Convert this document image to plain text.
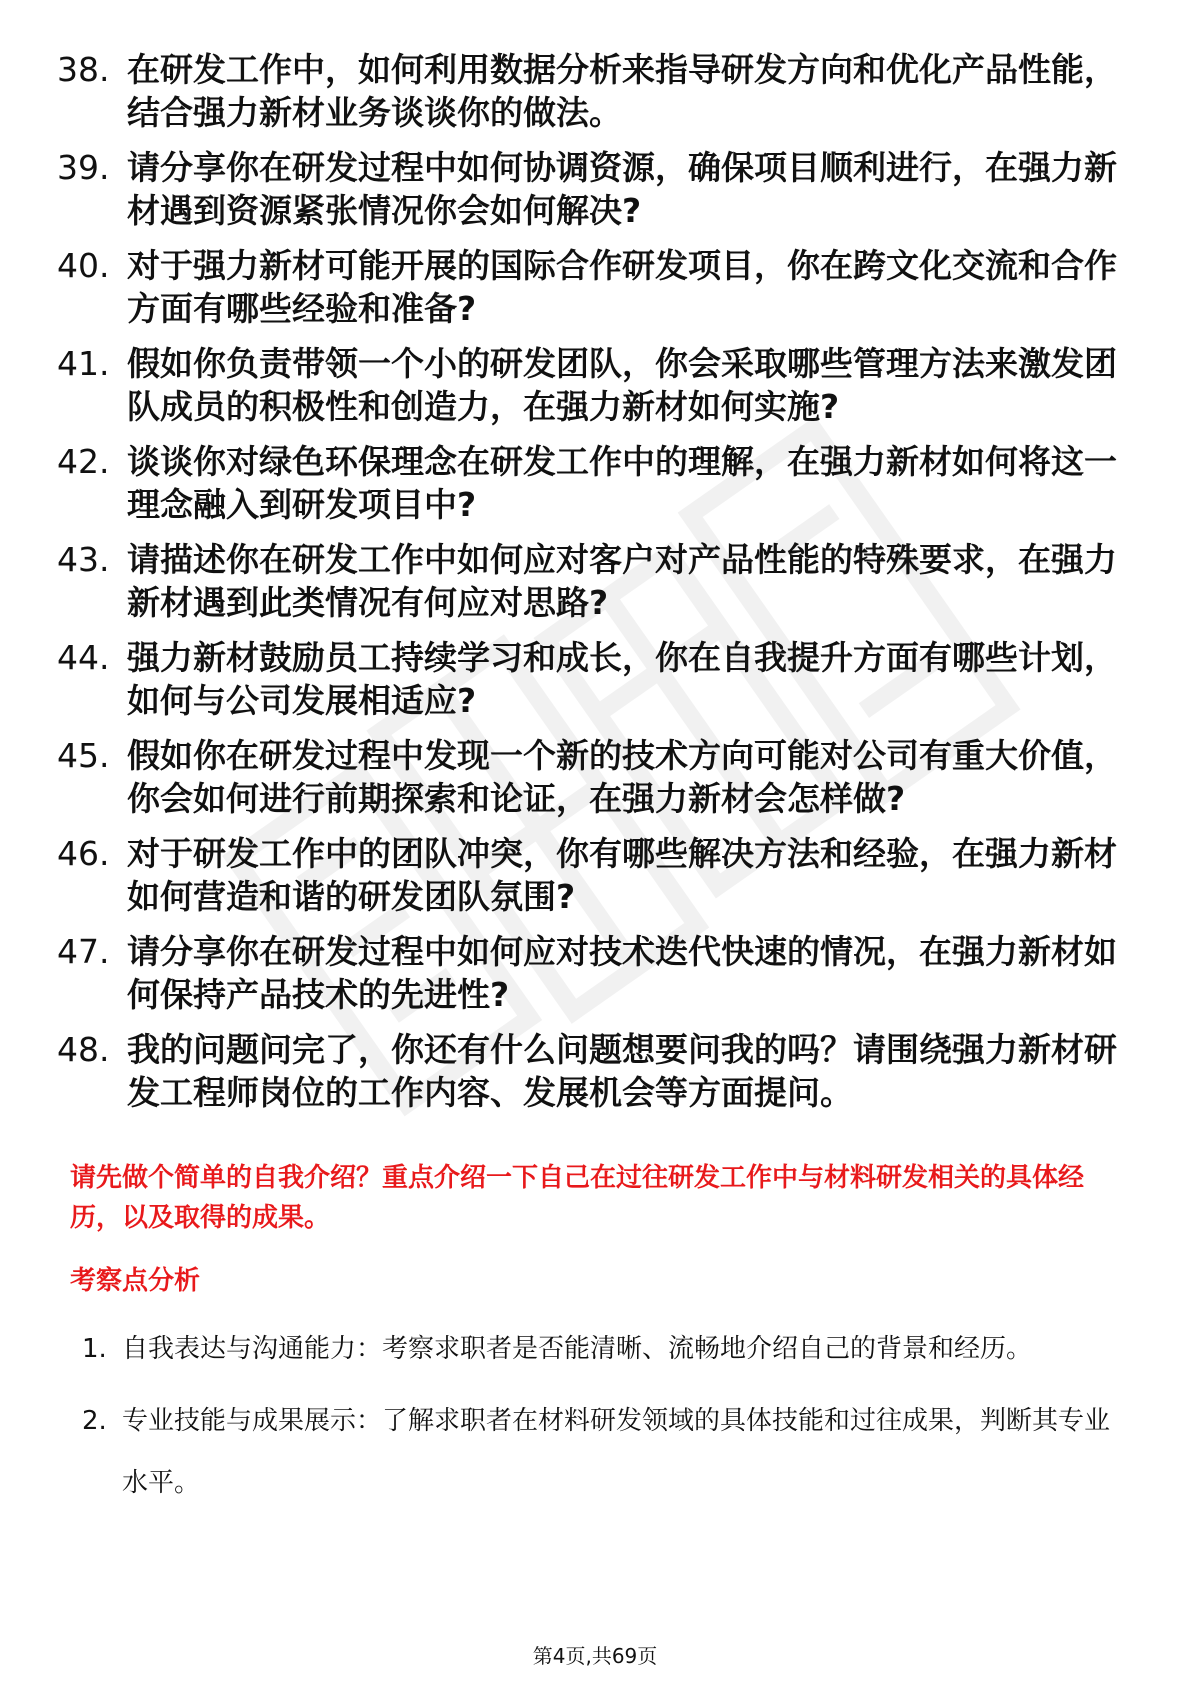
38. 在研发工作中，如何利用数据分析来指导研发方向和优化产品性能，结合强力新材业务谈谈你的做法。
39. 请分享你在研发过程中如何协调资源，确保项目顺利进行，在强力新材遇到资源紧张情况你会如何解决?
40. 对于强力新材可能开展的国际合作研发项目，你在跨文化交流和合作方面有哪些经验和准备?
41. 假如你负责带领一个小的研发团队，你会采取哪些管理方法来激发团队成员的积极性和创造力，在强力新材如何实施?
42. 谈谈你对绿色环保理念在研发工作中的理解，在强力新材如何将这一理念融入到研发项目中?
43. 请描述你在研发工作中如何应对客户对产品性能的特殊要求，在强力新材遇到此类情况有何应对思路?
44. 强力新材鼓励员工持续学习和成长，你在自我提升方面有哪些计划，如何与公司发展相适应?
45. 假如你在研发过程中发现一个新的技术方向可能对公司有重大价值，你会如何进行前期探索和论证，在强力新材会怎样做?
46. 对于研发工作中的团队冲突，你有哪些解决方法和经验，在强力新材如何营造和谐的研发团队氛围?
47. 请分享你在研发过程中如何应对技术迭代快速的情况，在强力新材如何保持产品技术的先进性?
48. 我的问题问完了，你还有什么问题想要问我的吗？请围绕强力新材研发工程师岗位的工作内容、发展机会等方面提问。

请先做个简单的自我介绍？重点介绍一下自己在过往研发工作中与材料研发相关的具体经历，以及取得的成果。

考察点分析
1. 自我表达与沟通能力：考察求职者是否能清晰、流畅地介绍自己的背景和经历。
2. 专业技能与成果展示：了解求职者在材料研发领域的具体技能和过往成果，判断其专业水平。
第4页,共69页
